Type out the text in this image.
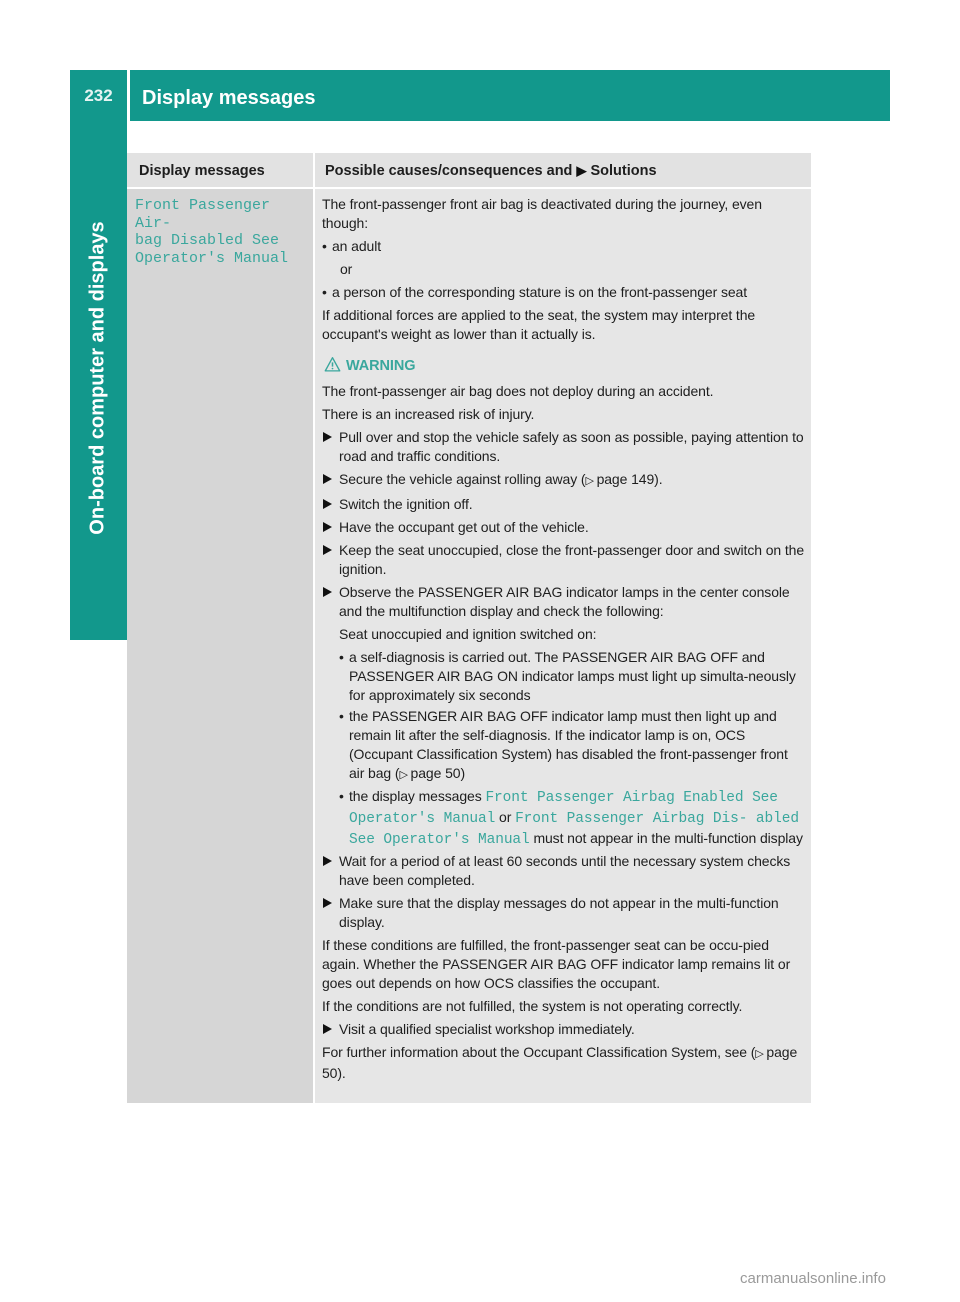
232	Display messages
On-board computer and displays
Display messages	Possible causes/consequences and ▶ Solutions
Front Passenger Air‐
bag Disabled See
Operator's Manual

The front-passenger front air bag is deactivated during the journey, even though:

• an adult
or
• a person of the corresponding stature is on the front-passenger seat

If additional forces are applied to the seat, the system may interpret the occupant's weight as lower than it actually is.

WARNING

The front-passenger air bag does not deploy during an accident.

There is an increased risk of injury.

Pull over and stop the vehicle safely as soon as possible, paying attention to road and traffic conditions.
Secure the vehicle against rolling away (▷  page 149).
Switch the ignition off.
Have the occupant get out of the vehicle.
Keep the seat unoccupied, close the front-passenger door and switch on the ignition.
Observe the PASSENGER AIR BAG indicator lamps in the center console and the multifunction display and check the following:
Seat unoccupied and ignition switched on:
• a self-diagnosis is carried out. The PASSENGER AIR BAG OFF and PASSENGER AIR BAG ON indicator lamps must light up simulta-neously for approximately six seconds
• the PASSENGER AIR BAG OFF indicator lamp must then light up and remain lit after the self-diagnosis. If the indicator lamp is on, OCS (Occupant Classification System) has disabled the front-passenger front air bag (▷  page 50)
• the display messages Front Passenger Airbag Enabled See Operator's Manual or Front Passenger Airbag Dis- abled See Operator's Manual must not appear in the multi-function display
Wait for a period of at least 60 seconds until the necessary system checks have been completed.
Make sure that the display messages do not appear in the multi-function display.

If these conditions are fulfilled, the front-passenger seat can be occu-pied again. Whether the PASSENGER AIR BAG OFF indicator lamp remains lit or goes out depends on how OCS classifies the occupant.

If the conditions are not fulfilled, the system is not operating correctly.

Visit a qualified specialist workshop immediately.

For further information about the Occupant Classification System, see (▷  page 50).

carmanualsonline.info
